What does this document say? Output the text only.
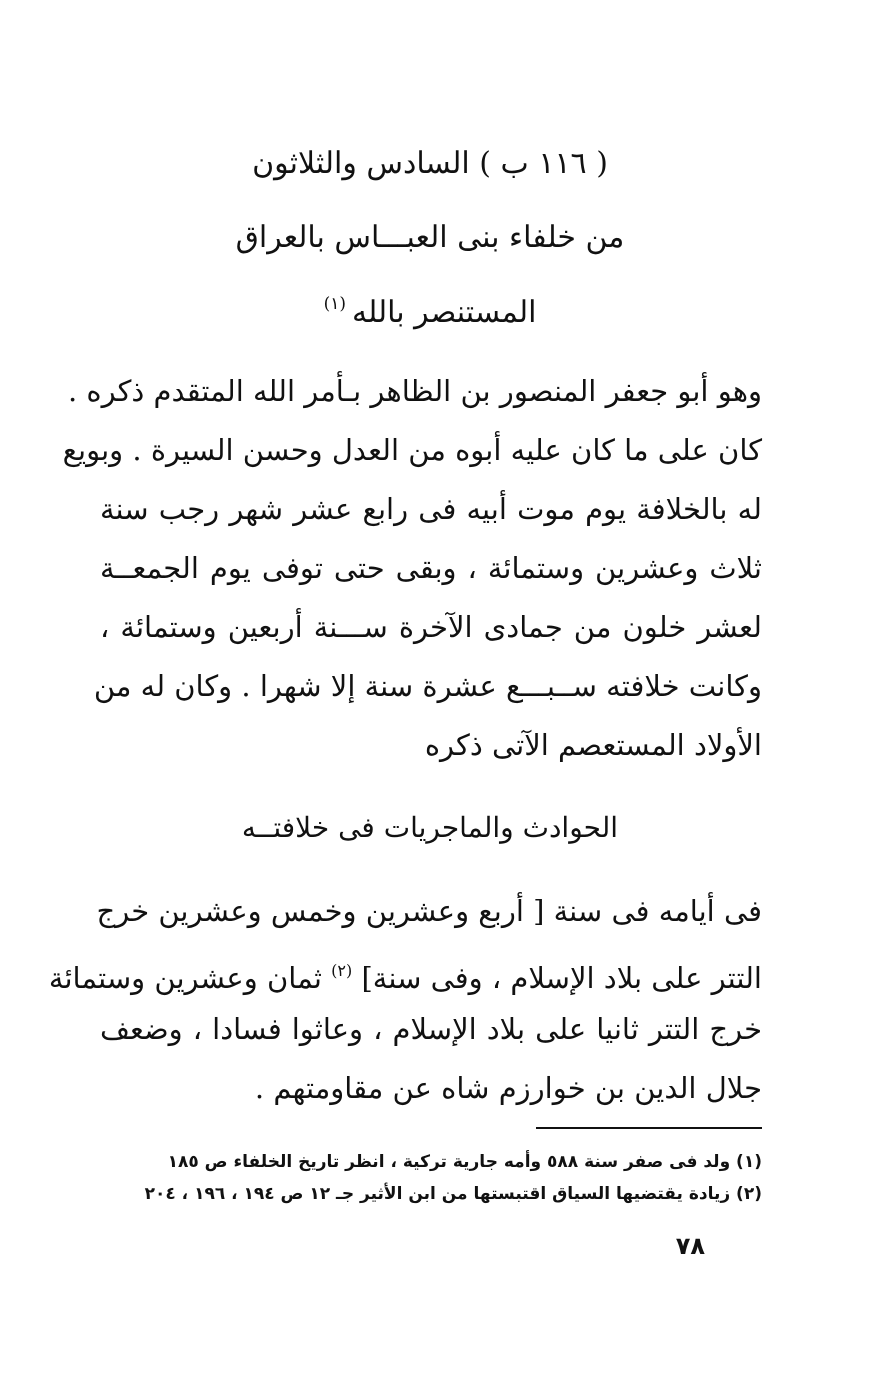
( ١١٦ ب ) السادس والثلاثون
من خلفاء بنى العبـــاس بالعراق
المستنصر بالله$^{(١)}$
وهو أبو جعفر المنصور بن الظاهر بـأمر الله المتقدم ذكره .
كان على ما كان عليه أبوه من العدل وحسن السيرة . وبويع
له بالخلافة يوم موت أبيه فى رابع عشر شهر رجب سنة
ثلاث وعشرين وستمائة ، وبقى حتى توفى يوم الجمعــة
لعشر خلون من جمادى الآخرة ســـنة أربعين وستمائة ،
وكانت خلافته ســبـــع عشرة سنة إلا شهرا . وكان له من
الأولاد المستعصم الآتى ذكره
الحوادث والماجريات فى خلافتــه
فى أيامه فى سنة [ أربع وعشرين وخمس وعشرين خرج
التتر على بلاد الإسلام ، وفى سنة] $^{(٢)}$ ثمان وعشرين وستمائة
خرج التتر ثانيا على بلاد الإسلام ، وعاثوا فسادا ، وضعف
جلال الدين بن خوارزم شاه عن مقاومتهم .
(١) ولد فى صفر سنة ٥٨٨ وأمه جارية تركية ، انظر تاريخ الخلفاء ص ١٨٥
(٢) زيادة يقتضيها السياق اقتبستها من ابن الأثير جـ ١٢ ص ١٩٤ ، ١٩٦ ، ٢٠٤
٧٨
